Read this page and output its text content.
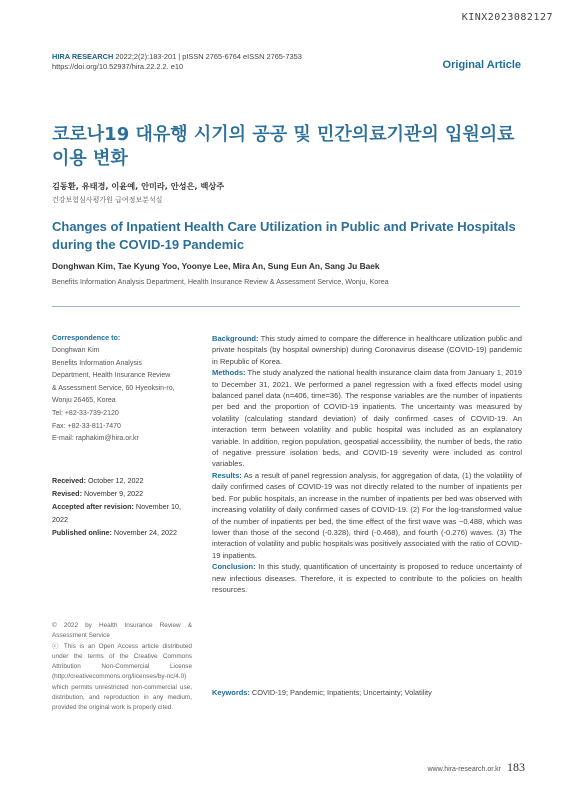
KINX2023082127
HIRA RESEARCH 2022;2(2):183-201 | pISSN 2765-6764 eISSN 2765-7353
https://doi.org/10.52937/hira.22.2.2. e10	Original Article
코로나19 대유행 시기의 공공 및 민간의료기관의 입원의료이용 변화
김동환, 유태경, 이윤예, 안미라, 안성은, 백상주
건강보험심사평가원 급여정보분석실
Changes of Inpatient Health Care Utilization in Public and Private Hospitals during the COVID-19 Pandemic
Donghwan Kim, Tae Kyung Yoo, Yoonye Lee, Mira An, Sung Eun An, Sang Ju Baek
Benefits Information Analysis Department, Health Insurance Review & Assessment Service, Wonju, Korea
Correspondence to:
Donghwan Kim
Benefits Information Analysis
Department, Health Insurance Review
& Assessment Service, 60 Hyeoksin-ro,
Wonju 26465, Korea
Tel: +82-33-739-2120
Fax: +82-33-811-7470
E-mail: raphakim@hira.or.kr
Received: October 12, 2022
Revised: November 9, 2022
Accepted after revision: November 10, 2022
Published online: November 24, 2022
© 2022 by Health Insurance Review & Assessment Service
ⓒ This is an Open Access article distributed under the terms of the Creative Commons Attribution Non-Commercial License (http://creativecommons.org/licenses/by-nc/4.0) which permits unrestricted non-commercial use, distribution, and reproduction in any medium, provided the original work is properly cited.

Background: This study aimed to compare the difference in healthcare utilization public and private hospitals (by hospital ownership) during Coronavirus disease (COVID-19) pandemic in Republic of Korea.

Methods: The study analyzed the national health insurance claim data from January 1, 2019 to December 31, 2021. We performed a panel regression with a fixed effects model using balanced panel data (n=406, time=36). The response variables are the number of inpatients per bed and the proportion of COVID-19 inpatients. The uncertainty was measured by volatility (calculating standard deviation) of daily confirmed cases of COVID-19. An interaction term between volatility and public hospital was included as an explanatory variable. In addition, region population, geospatial accessibility, the number of beds, the ratio of negative pressure isolation beds, and COVID-19 severity were included as control variables.

Results: As a result of panel regression analysis, for aggregation of data, (1) the volatility of daily confirmed cases of COVID-19 was not directly related to the number of inpatients per bed. For public hospitals, an increase in the number of inpatients per bed was observed with increasing volatility of daily confirmed cases of COVID-19. (2) For the log-transformed value of the number of inpatients per bed, the time effect of the first wave was −0.488, which was lower than those of the second (-0.328), third (-0.468), and fourth (-0.276) waves. (3) The interaction of volatility and public hospitals was positively associated with the ratio of COVID-19 inpatients.

Conclusion: In this study, quantification of uncertainty is proposed to reduce uncertainty of new infectious diseases. Therefore, it is expected to contribute to the policies on health resources.

Keywords: COVID-19; Pandemic; Inpatients; Uncertainty; Volatility
www.hira-research.or.kr 183
